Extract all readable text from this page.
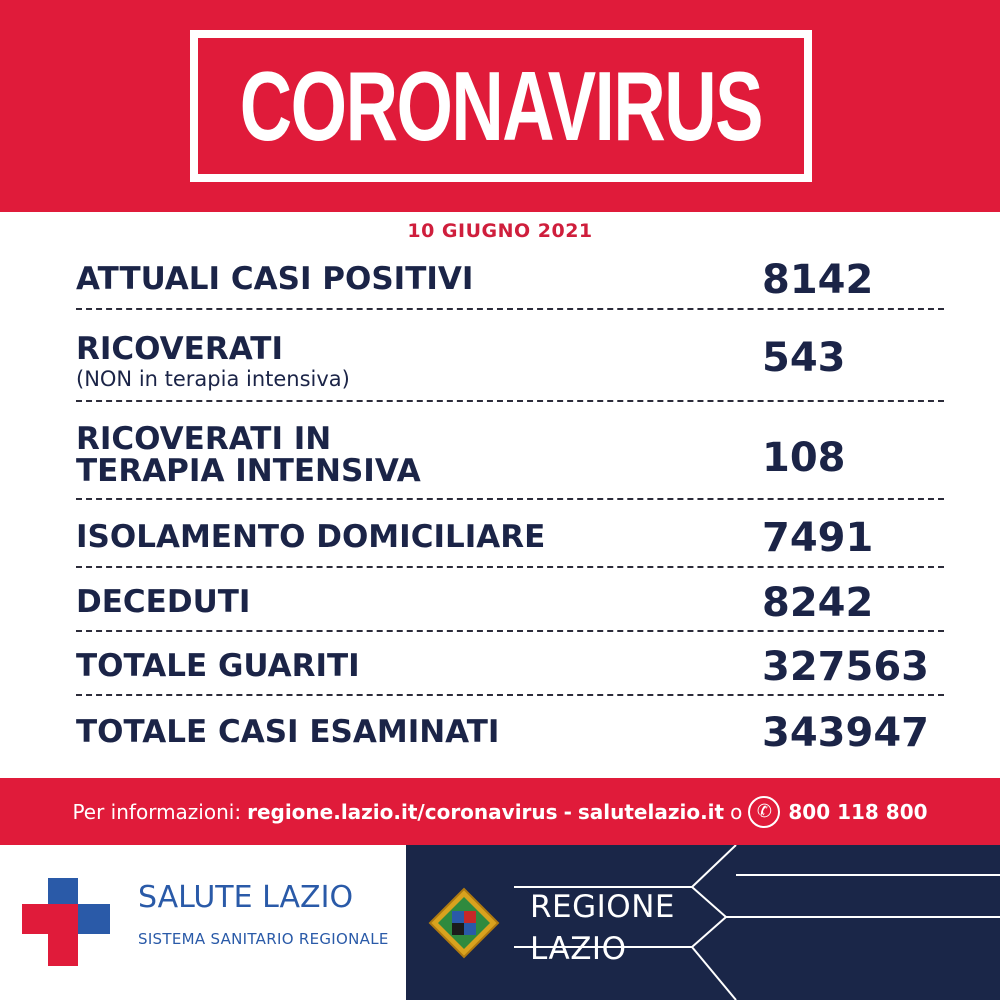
CORONAVIRUS
10 GIUGNO 2021
ATTUALI CASI POSITIVI	8142
RICOVERATI
(NON in terapia intensiva)	543
RICOVERATI IN
TERAPIA INTENSIVA	108
ISOLAMENTO DOMICILIARE	7491
DECEDUTI	8242
TOTALE GUARITI	327563
TOTALE CASI ESAMINATI	343947
Per informazioni: regione.lazio.it/coronavirus - salutelazio.it o ✆ 800 118 800
SALUTE LAZIO
SISTEMA SANITARIO REGIONALE
REGIONE
LAZIO
